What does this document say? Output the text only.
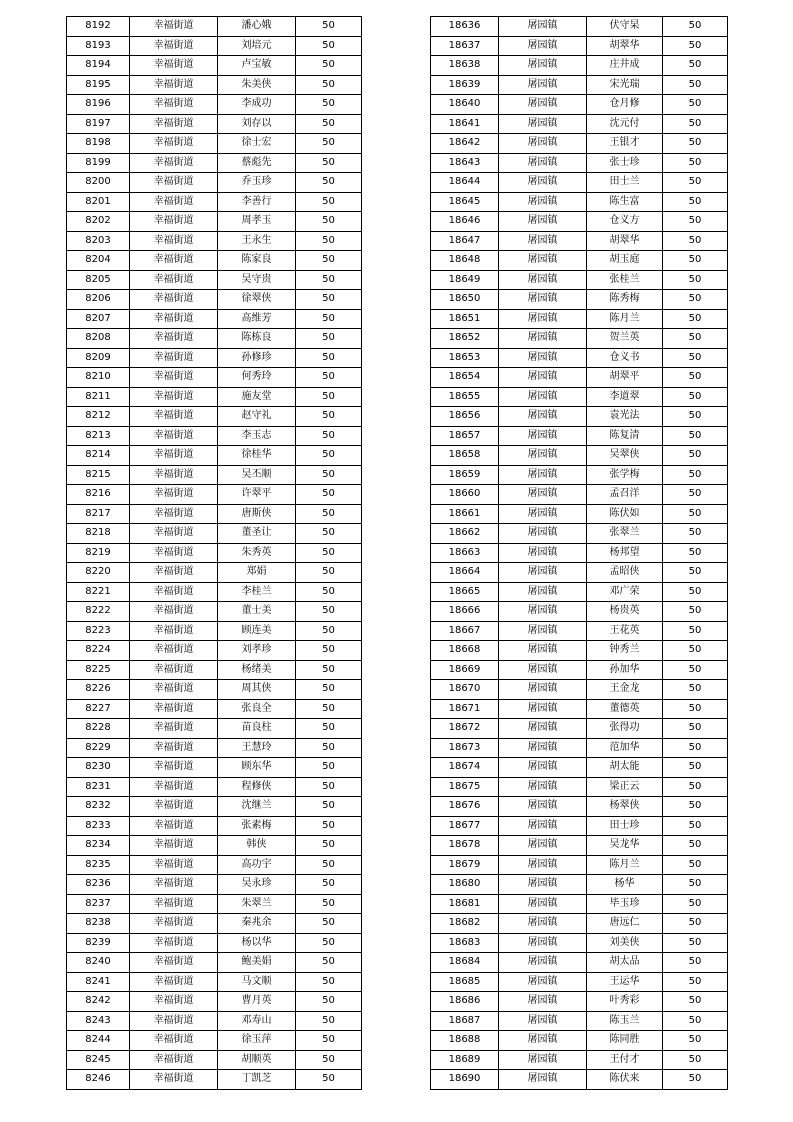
8192	幸福街道	潘心娥	50
8193	幸福街道	刘培元	50
8194	幸福街道	卢宝敏	50
8195	幸福街道	朱美侠	50
8196	幸福街道	李成功	50
8197	幸福街道	刘存以	50
8198	幸福街道	徐士宏	50
8199	幸福街道	蔡彪先	50
8200	幸福街道	乔玉珍	50
8201	幸福街道	李善行	50
8202	幸福街道	周孝玉	50
8203	幸福街道	王永生	50
8204	幸福街道	陈家良	50
8205	幸福街道	吴守贵	50
8206	幸福街道	徐翠侠	50
8207	幸福街道	高维芳	50
8208	幸福街道	陈栋良	50
8209	幸福街道	孙修珍	50
8210	幸福街道	何秀玲	50
8211	幸福街道	施友堂	50
8212	幸福街道	赵守礼	50
8213	幸福街道	李玉志	50
8214	幸福街道	徐桂华	50
8215	幸福街道	吴丕顺	50
8216	幸福街道	许翠平	50
8217	幸福街道	唐斯侠	50
8218	幸福街道	董圣让	50
8219	幸福街道	朱秀英	50
8220	幸福街道	郑娟	50
8221	幸福街道	李桂兰	50
8222	幸福街道	董士美	50
8223	幸福街道	顾连美	50
8224	幸福街道	刘孝珍	50
8225	幸福街道	杨绪美	50
8226	幸福街道	周其侠	50
8227	幸福街道	张良全	50
8228	幸福街道	苗良柱	50
8229	幸福街道	王慧玲	50
8230	幸福街道	顾东华	50
8231	幸福街道	程修侠	50
8232	幸福街道	沈继兰	50
8233	幸福街道	张素梅	50
8234	幸福街道	韩侠	50
8235	幸福街道	高功宇	50
8236	幸福街道	吴永珍	50
8237	幸福街道	朱翠兰	50
8238	幸福街道	秦兆余	50
8239	幸福街道	杨以华	50
8240	幸福街道	鲍美娟	50
8241	幸福街道	马文顺	50
8242	幸福街道	曹月英	50
8243	幸福街道	邓寿山	50
8244	幸福街道	徐玉萍	50
8245	幸福街道	胡顺英	50
8246	幸福街道	丁凯芝	50
18636	屠园镇	伏守杲	50
18637	屠园镇	胡翠华	50
18638	屠园镇	庄井成	50
18639	屠园镇	宋光瑞	50
18640	屠园镇	仓月修	50
18641	屠园镇	沈元付	50
18642	屠园镇	王银才	50
18643	屠园镇	张士珍	50
18644	屠园镇	田士兰	50
18645	屠园镇	陈生富	50
18646	屠园镇	仓义方	50
18647	屠园镇	胡翠华	50
18648	屠园镇	胡玉庭	50
18649	屠园镇	张桂兰	50
18650	屠园镇	陈秀梅	50
18651	屠园镇	陈月兰	50
18652	屠园镇	贺兰英	50
18653	屠园镇	仓义书	50
18654	屠园镇	胡翠平	50
18655	屠园镇	李道翠	50
18656	屠园镇	袁光法	50
18657	屠园镇	陈复清	50
18658	屠园镇	吴翠侠	50
18659	屠园镇	张学梅	50
18660	屠园镇	孟召洋	50
18661	屠园镇	陈伏如	50
18662	屠园镇	张翠兰	50
18663	屠园镇	杨邦望	50
18664	屠园镇	孟昭侠	50
18665	屠园镇	邓广荣	50
18666	屠园镇	杨贵英	50
18667	屠园镇	王花英	50
18668	屠园镇	钟秀兰	50
18669	屠园镇	孙加华	50
18670	屠园镇	王金龙	50
18671	屠园镇	董德英	50
18672	屠园镇	张得功	50
18673	屠园镇	范加华	50
18674	屠园镇	胡太能	50
18675	屠园镇	梁正云	50
18676	屠园镇	杨翠侠	50
18677	屠园镇	田士珍	50
18678	屠园镇	吴龙华	50
18679	屠园镇	陈月兰	50
18680	屠园镇	杨华	50
18681	屠园镇	毕玉珍	50
18682	屠园镇	唐远仁	50
18683	屠园镇	刘美侠	50
18684	屠园镇	胡太品	50
18685	屠园镇	王运华	50
18686	屠园镇	叶秀彩	50
18687	屠园镇	陈玉兰	50
18688	屠园镇	陈同胜	50
18689	屠园镇	王付才	50
18690	屠园镇	陈伏来	50
